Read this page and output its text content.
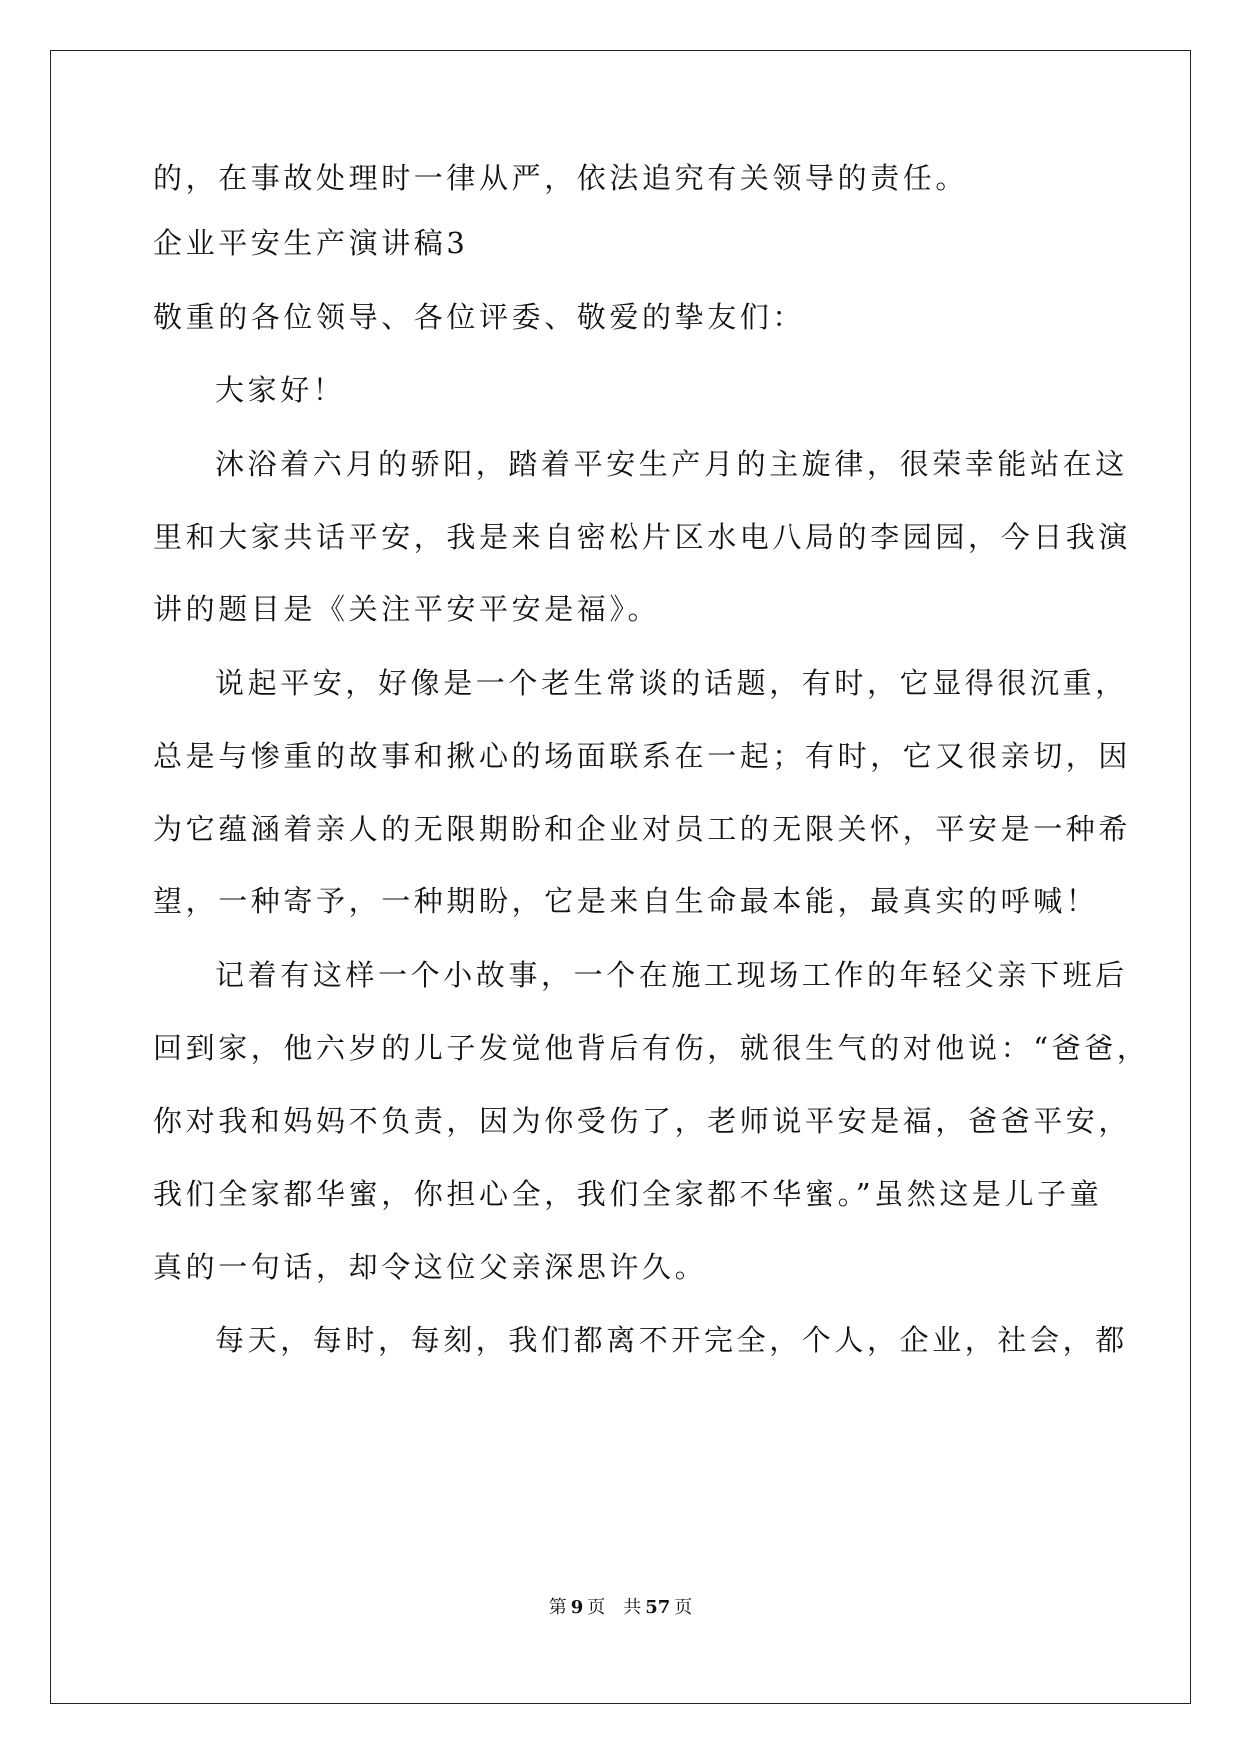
的，在事故处理时一律从严，依法追究有关领导的责任。
企业平安生产演讲稿3
敬重的各位领导、各位评委、敬爱的挚友们：
大家好！
沐浴着六月的骄阳，踏着平安生产月的主旋律，很荣幸能站在这
里和大家共话平安，我是来自密松片区水电八局的李园园，今日我演
讲的题目是《关注平安平安是福》。
说起平安，好像是一个老生常谈的话题，有时，它显得很沉重，
总是与惨重的故事和揪心的场面联系在一起；有时，它又很亲切，因
为它蕴涵着亲人的无限期盼和企业对员工的无限关怀，平安是一种希
望，一种寄予，一种期盼，它是来自生命最本能，最真实的呼喊！
记着有这样一个小故事，一个在施工现场工作的年轻父亲下班后
回到家，他六岁的儿子发觉他背后有伤，就很生气的对他说：“爸爸，
你对我和妈妈不负责，因为你受伤了，老师说平安是福，爸爸平安，
我们全家都华蜜，你担心全，我们全家都不华蜜。”虽然这是儿子童
真的一句话，却令这位父亲深思许久。
每天，每时，每刻，我们都离不开完全，个人，企业，社会，都
第 9 页　共 57 页
